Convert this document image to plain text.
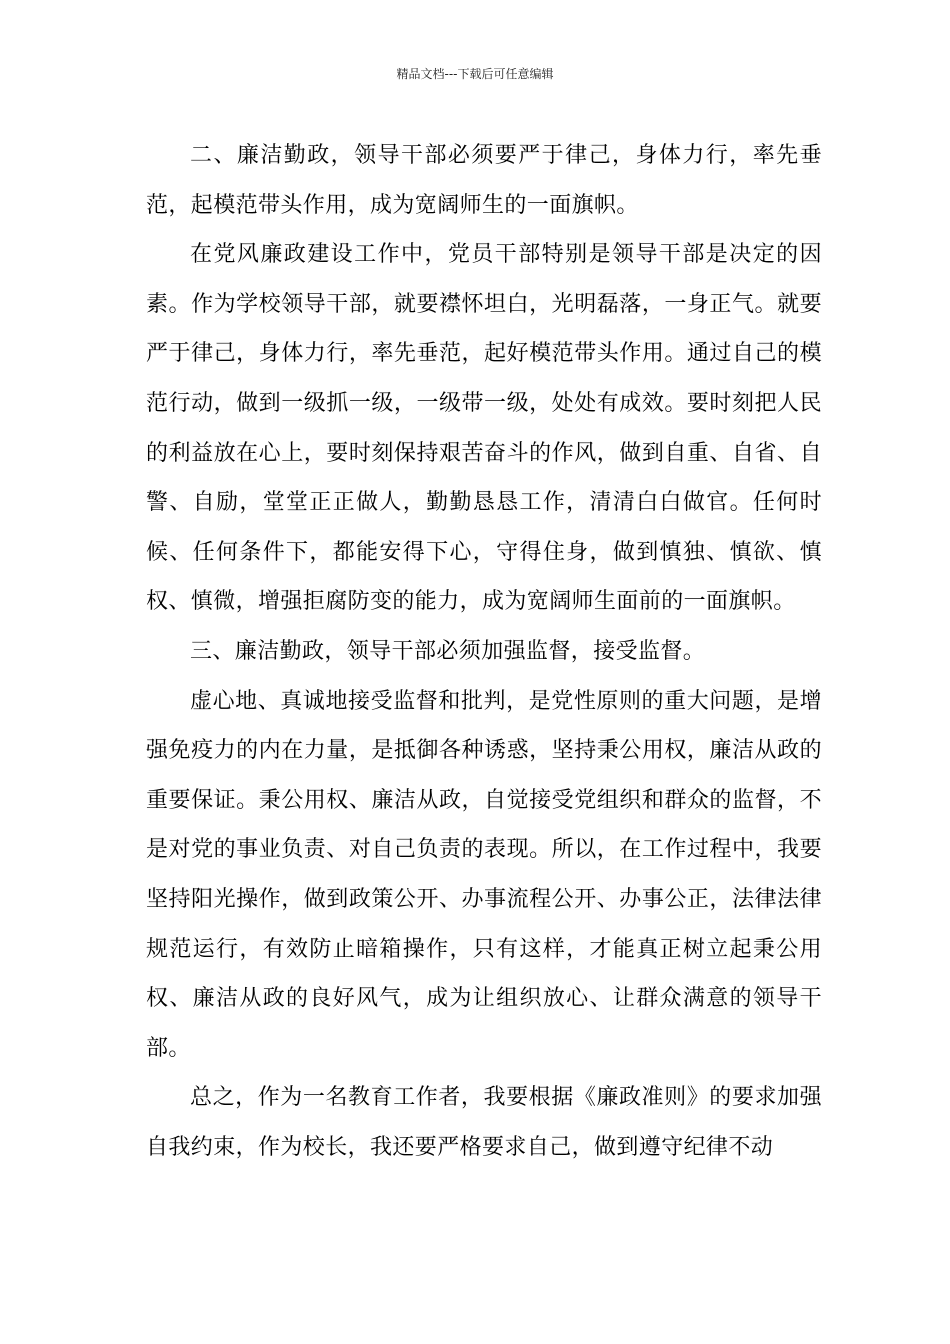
精品文档---下载后可任意编辑

二、廉洁勤政，领导干部必须要严于律己，身体力行，率先垂范，起模范带头作用，成为宽阔师生的一面旗帜。

在党风廉政建设工作中，党员干部特别是领导干部是决定的因素。作为学校领导干部，就要襟怀坦白，光明磊落，一身正气。就要严于律己，身体力行，率先垂范，起好模范带头作用。通过自己的模范行动，做到一级抓一级，一级带一级，处处有成效。要时刻把人民的利益放在心上，要时刻保持艰苦奋斗的作风，做到自重、自省、自警、自励，堂堂正正做人，勤勤恳恳工作，清清白白做官。任何时候、任何条件下，都能安得下心，守得住身，做到慎独、慎欲、慎权、慎微，增强拒腐防变的能力，成为宽阔师生面前的一面旗帜。

三、廉洁勤政，领导干部必须加强监督，接受监督。

虚心地、真诚地接受监督和批判，是党性原则的重大问题，是增强免疫力的内在力量，是抵御各种诱惑，坚持秉公用权，廉洁从政的重要保证。秉公用权、廉洁从政，自觉接受党组织和群众的监督，不是对党的事业负责、对自己负责的表现。所以，在工作过程中，我要坚持阳光操作，做到政策公开、办事流程公开、办事公正，法律法律规范运行，有效防止暗箱操作，只有这样，才能真正树立起秉公用权、廉洁从政的良好风气，成为让组织放心、让群众满意的领导干部。

总之，作为一名教育工作者，我要根据《廉政准则》的要求加强自我约束，作为校长，我还要严格要求自己，做到遵守纪律不动
